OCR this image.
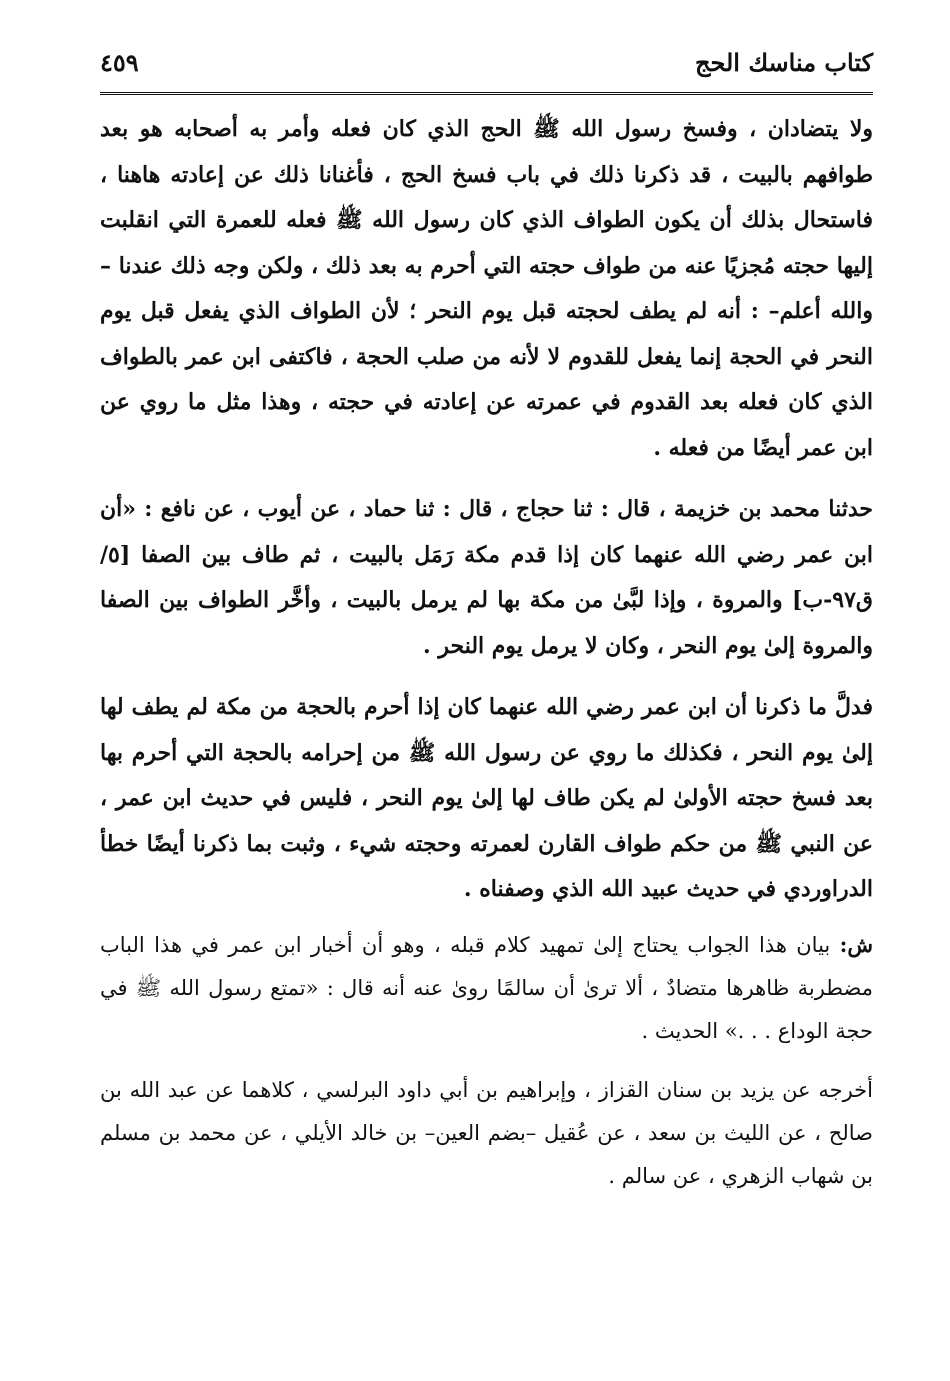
كتاب مناسك الحج
٤٥٩

ولا يتضادان ، وفسخ رسول الله ﷺ الحج الذي كان فعله وأمر به أصحابه هو بعد طوافهم بالبيت ، قد ذكرنا ذلك في باب فسخ الحج ، فأغنانا ذلك عن إعادته هاهنا ، فاستحال بذلك أن يكون الطواف الذي كان رسول الله ﷺ فعله للعمرة التي انقلبت إليها حجته مُجزيًا عنه من طواف حجته التي أحرم به بعد ذلك ، ولكن وجه ذلك عندنا –والله أعلم– : أنه لم يطف لحجته قبل يوم النحر ؛ لأن الطواف الذي يفعل قبل يوم النحر في الحجة إنما يفعل للقدوم لا لأنه من صلب الحجة ، فاكتفى ابن عمر بالطواف الذي كان فعله بعد القدوم في عمرته عن إعادته في حجته ، وهذا مثل ما روي عن ابن عمر أيضًا من فعله .

حدثنا محمد بن خزيمة ، قال : ثنا حجاج ، قال : ثنا حماد ، عن أيوب ، عن نافع : «أن ابن عمر رضي الله عنهما كان إذا قدم مكة رَمَل بالبيت ، ثم طاف بين الصفا [٥/ ق٩٧-ب] والمروة ، وإذا لبَّىٰ من مكة بها لم يرمل بالبيت ، وأخَّر الطواف بين الصفا والمروة إلىٰ يوم النحر ، وكان لا يرمل يوم النحر .

فدلَّ ما ذكرنا أن ابن عمر رضي الله عنهما كان إذا أحرم بالحجة من مكة لم يطف لها إلىٰ يوم النحر ، فكذلك ما روي عن رسول الله ﷺ من إحرامه بالحجة التي أحرم بها بعد فسخ حجته الأولىٰ لم يكن طاف لها إلىٰ يوم النحر ، فليس في حديث ابن عمر ، عن النبي ﷺ من حكم طواف القارن لعمرته وحجته شيء ، وثبت بما ذكرنا أيضًا خطأ الدراوردي في حديث عبيد الله الذي وصفناه .

ش: بيان هذا الجواب يحتاج إلىٰ تمهيد كلام قبله ، وهو أن أخبار ابن عمر في هذا الباب مضطربة ظاهرها متضادٌ ، ألا ترىٰ أن سالمًا روىٰ عنه أنه قال : «تمتع رسول الله ﷺ في حجة الوداع . . .» الحديث .

أخرجه عن يزيد بن سنان القزاز ، وإبراهيم بن أبي داود البرلسي ، كلاهما عن عبد الله بن صالح ، عن الليث بن سعد ، عن عُقيل –بضم العين– بن خالد الأيلي ، عن محمد بن مسلم بن شهاب الزهري ، عن سالم .
